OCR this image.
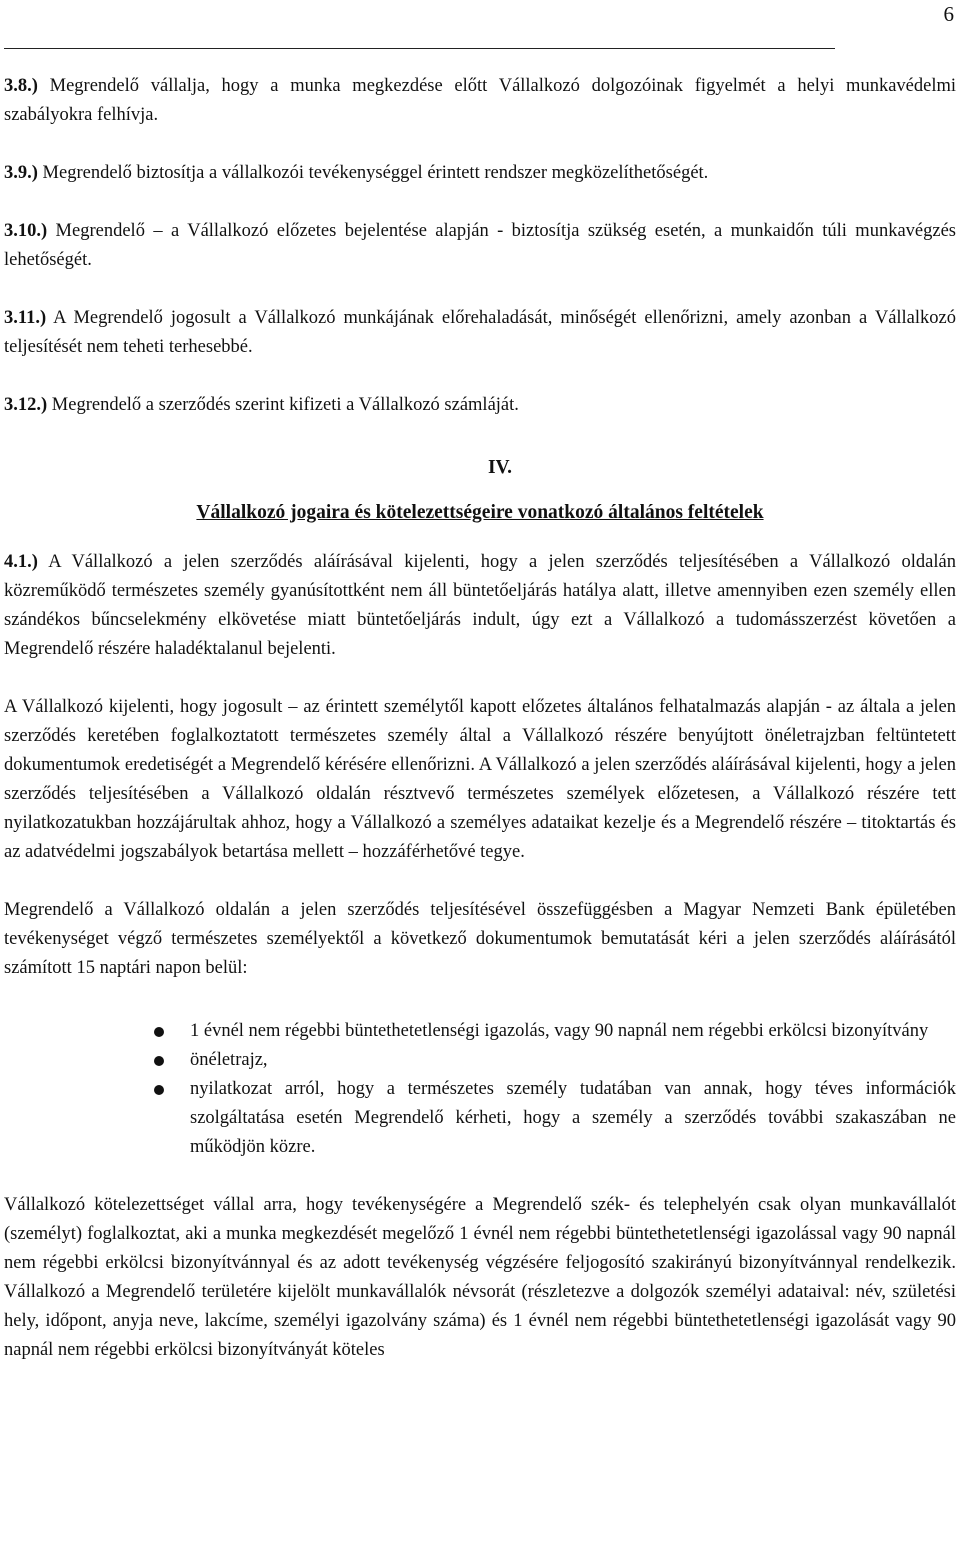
6

3.8.) Megrendelő vállalja, hogy a munka megkezdése előtt Vállalkozó dolgozóinak figyelmét a helyi munkavédelmi szabályokra felhívja.

3.9.) Megrendelő biztosítja a vállalkozói tevékenységgel érintett rendszer megközelíthetőségét.

3.10.) Megrendelő – a Vállalkozó előzetes bejelentése alapján - biztosítja szükség esetén, a munkaidőn túli munkavégzés lehetőségét.

3.11.) A Megrendelő jogosult a Vállalkozó munkájának előrehaladását, minőségét ellenőrizni, amely azonban a Vállalkozó teljesítését nem teheti terhesebbé.

3.12.) Megrendelő a szerződés szerint kifizeti a Vállalkozó számláját.

IV.
Vállalkozó jogaira és kötelezettségeire vonatkozó általános feltételek

4.1.) A Vállalkozó a jelen szerződés aláírásával kijelenti, hogy a jelen szerződés teljesítésében a Vállalkozó oldalán közreműködő természetes személy gyanúsítottként nem áll büntetőeljárás hatálya alatt, illetve amennyiben ezen személy ellen szándékos bűncselekmény elkövetése miatt büntetőeljárás indult, úgy ezt a Vállalkozó a tudomásszerzést követően a Megrendelő részére haladéktalanul bejelenti.

A Vállalkozó kijelenti, hogy jogosult – az érintett személytől kapott előzetes általános felhatalmazás alapján - az általa a jelen szerződés keretében foglalkoztatott természetes személy által a Vállalkozó részére benyújtott önéletrajzban feltüntetett dokumentumok eredetiségét a Megrendelő kérésére ellenőrizni. A Vállalkozó a jelen szerződés aláírásával kijelenti, hogy a jelen szerződés teljesítésében a Vállalkozó oldalán résztvevő természetes személyek előzetesen, a Vállalkozó részére tett nyilatkozatukban hozzájárultak ahhoz, hogy a Vállalkozó a személyes adataikat kezelje és a Megrendelő részére – titoktartás és az adatvédelmi jogszabályok betartása mellett – hozzáférhetővé tegye.

Megrendelő a Vállalkozó oldalán a jelen szerződés teljesítésével összefüggésben a Magyar Nemzeti Bank épületében tevékenységet végző természetes személyektől a következő dokumentumok bemutatását kéri a jelen szerződés aláírásától számított 15 naptári napon belül:

1 évnél nem régebbi büntethetetlenségi igazolás, vagy 90 napnál nem régebbi erkölcsi bizonyítvány
önéletrajz,
nyilatkozat arról, hogy a természetes személy tudatában van annak, hogy téves információk szolgáltatása esetén Megrendelő kérheti, hogy a személy a szerződés további szakaszában ne működjön közre.

Vállalkozó kötelezettséget vállal arra, hogy tevékenységére a Megrendelő szék- és telephelyén csak olyan munkavállalót (személyt) foglalkoztat, aki a munka megkezdését megelőző 1 évnél nem régebbi büntethetetlenségi igazolással vagy 90 napnál nem régebbi erkölcsi bizonyítvánnyal és az adott tevékenység végzésére feljogosító szakirányú bizonyítvánnyal rendelkezik. Vállalkozó a Megrendelő területére kijelölt munkavállalók névsorát (részletezve a dolgozók személyi adataival: név, születési hely, időpont, anyja neve, lakcíme, személyi igazolvány száma) és 1 évnél nem régebbi büntethetetlenségi igazolását vagy 90 napnál nem régebbi erkölcsi bizonyítványát köteles
